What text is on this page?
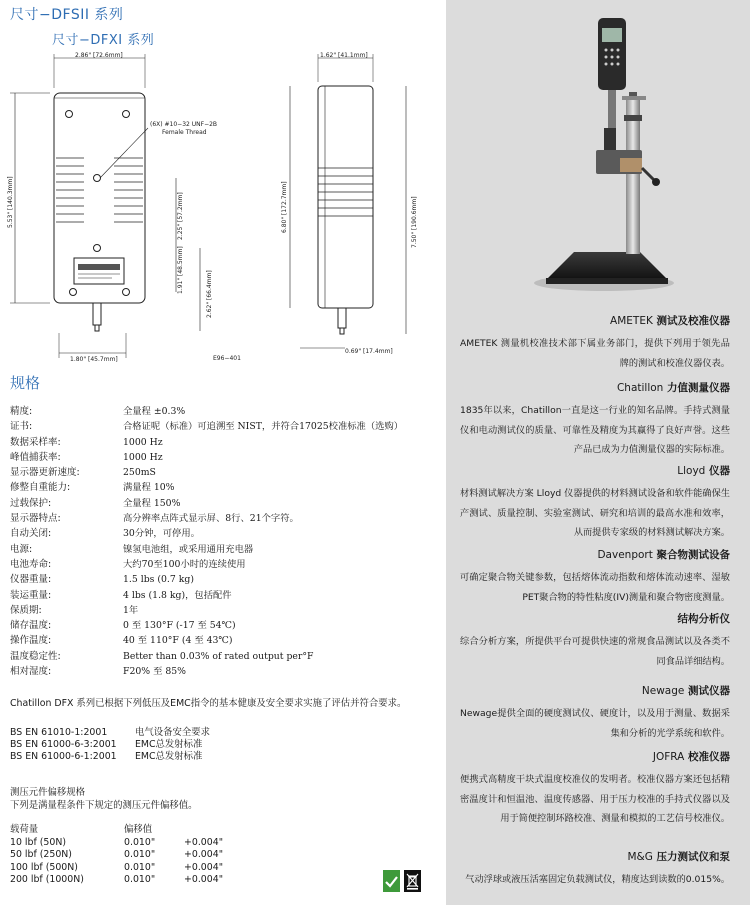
尺寸−DFSII 系列
尺寸−DFXI 系列
2.86" [72.6mm]	1.62" [41.1mm]
(6X) #10−32 UNF−2B
Female Thread
5.53" [140.3mm]	2.25" [57.2mm]
1.91" [48.5mm]
2.62" [66.4mm]
6.80" [172.7mm]	7.50" [190.6mm]
1.80" [45.7mm]
0.69" [17.4mm]
E96−401
规格
精度:	全量程 ±0.3%
证书:	合格证呢（标准）可追溯至 NIST，并符合17025校准标准（选购）
数据采样率:	1000 Hz
峰值捕获率:	1000 Hz
显示器更新速度:	250mS
修整自重能力:	满量程 10%
过载保护:	全量程 150%
显示器特点:	高分辨率点阵式显示屏、8行、21个字符。
自动关闭:	30分钟，可停用。
电源:	镍氢电池组，或采用通用充电器
电池寿命:	大约70至100小时的连续使用
仪器重量:	1.5 lbs (0.7 kg)
装运重量:	4 lbs (1.8 kg)，包括配件
保质期:	1年
储存温度:	0 至 130°F (-17 至 54℃)
操作温度:	40 至 110°F (4 至 43℃)
温度稳定性:	Better than 0.03% of rated output per°F
相对湿度:	F20% 至 85%
Chatillon DFX 系列已根据下列低压及EMC指令的基本健康及安全要求实施了评估并符合要求。
BS EN 61010-1:2001	电气设备安全要求
BS EN 61000-6-3:2001	EMC总发射标准
BS EN 61000-6-1:2001	EMC总发射标准
测压元件偏移规格
下列是满量程条件下规定的测压元件偏移值。
载荷量	偏移值
10 lbf (50N)	0.010"	+0.004"
50 lbf (250N)	0.010"	+0.004"
100 lbf (500N)	0.010"	+0.004"
200 lbf (1000N)	0.010"	+0.004"
AMETEK 测试及校准仪器
AMETEK 测量机校准技术部下属业务部门，提供下列用于领先品牌的测试和校准仪器仪表。
Chatillon 力值测量仪器
1835年以来，Chatillon一直是这一行业的知名品牌。手持式测量仪和电动测试仪的质量、可靠性及精度为其赢得了良好声誉。这些产品已成为力值测量仪器的实际标准。
Lloyd 仪器
材料测试解决方案 Lloyd 仪器提供的材料测试设备和软件能确保生产测试、质量控制、实验室测试、研究和培训的最高水准和效率，从而提供专家级的材料测试解决方案。
Davenport 聚合物测试设备
可确定聚合物关键参数，包括熔体流动指数和熔体流动速率、湿敏PET聚合物的特性粘度(IV)测量和聚合物密度测量。
结构分析仪
综合分析方案，所提供平台可提供快速的常规食品测试以及各类不同食品详细结构。
Newage 测试仪器
Newage提供全面的硬度测试仪、硬度计，以及用于测量、数据采集和分析的光学系统和软件。
JOFRA 校准仪器
便携式高精度干块式温度校准仪的发明者。校准仪器方案还包括精密温度计和恒温池、温度传感器、用于压力校准的手持式仪器以及用于简便控制环路校准、测量和模拟的工艺信号校准仪。
M&G 压力测试仪和泵
气动浮球或液压活塞固定负载测试仪，精度达到读数的0.015%。
